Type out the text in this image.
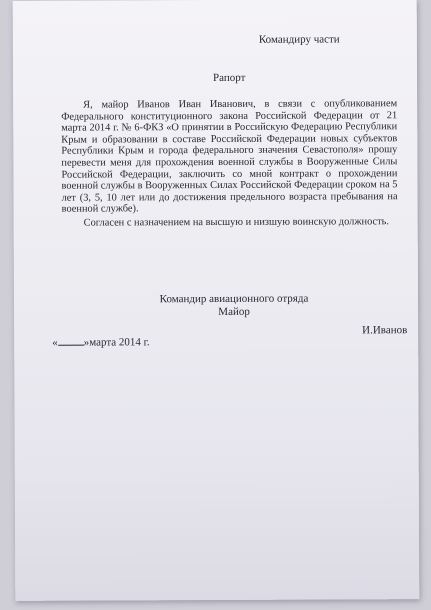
Командиру части
Рапорт

Я, майор Иванов Иван Иванович, в связи с опубликованием Федерального конституционного закона Российской Федерации от 21 марта 2014 г. № 6-ФКЗ «О принятии в Российскую Федерацию Республики Крым и образовании в составе Российской Федерации новых субъектов Республики Крым и города федерального значения Севастополя» прошу перевести меня для прохождения военной службы в Вооруженные Силы Российской Федерации, заключить со мной контракт о прохождении военной службы в Вооруженных Силах Российской Федерации сроком на 5 лет (3, 5, 10 лет или до достижения предельного возраста пребывания на военной службе).

Согласен с назначением на высшую и низшую воинскую должность.

Командир авиационного отряда
Майор
И.Иванов
« »марта 2014 г.
